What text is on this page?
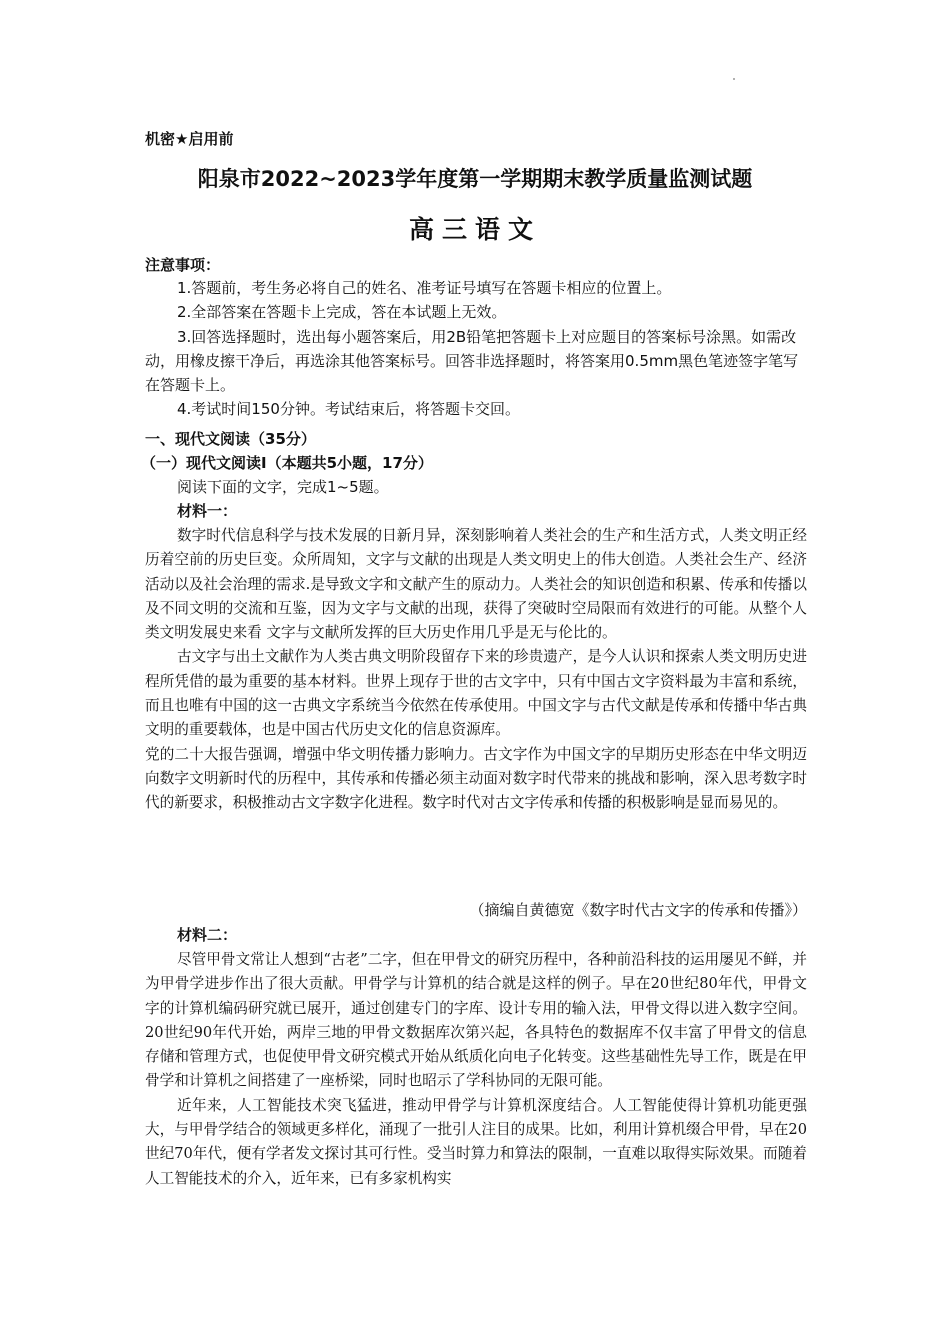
机密★启用前
阳泉市2022~2023学年度第一学期期末教学质量监测试题
高三语文
注意事项：

1.答题前，考生务必将自己的姓名、准考证号填写在答题卡相应的位置上。

2.全部答案在答题卡上完成，答在本试题上无效。

3.回答选择题时，选出每小题答案后，用2B铅笔把答题卡上对应题目的答案标号涂黑。如需改动，用橡皮擦干净后，再选涂其他答案标号。回答非选择题时，将答案用0.5mm黑色笔迹签字笔写在答题卡上。

4.考试时间150分钟。考试结束后，将答题卡交回。

一、现代文阅读（35分）
（一）现代文阅读Ⅰ（本题共5小题，17分）
阅读下面的文字，完成1~5题。
材料一：

数字时代信息科学与技术发展的日新月异，深刻影响着人类社会的生产和生活方式，人类文明正经历着空前的历史巨变。众所周知，文字与文献的出现是人类文明史上的伟大创造。人类社会生产、经济活动以及社会治理的需求.是导致文字和文献产生的原动力。人类社会的知识创造和积累、传承和传播以及不同文明的交流和互鉴，因为文字与文献的出现，获得了突破时空局限而有效进行的可能。从整个人类文明发展史来看 文字与文献所发挥的巨大历史作用几乎是无与伦比的。

古文字与出土文献作为人类古典文明阶段留存下来的珍贵遗产，是今人认识和探索人类文明历史进程所凭借的最为重要的基本材料。世界上现存于世的古文字中，只有中国古文字资料最为丰富和系统，而且也唯有中国的这一古典文字系统当今依然在传承使用。中国文字与古代文献是传承和传播中华古典文明的重要载体，也是中国古代历史文化的信息资源库。

党的二十大报告强调，增强中华文明传播力影响力。古文字作为中国文字的早期历史形态在中华文明迈向数字文明新时代的历程中，其传承和传播必须主动面对数字时代带来的挑战和影响，深入思考数字时代的新要求，积极推动古文字数字化进程。数字时代对古文字传承和传播的积极影响是显而易见的。

（摘编自黄德宽《数字时代古文字的传承和传播》）
材料二：

尽管甲骨文常让人想到“古老”二字，但在甲骨文的研究历程中，各种前沿科技的运用屡见不鲜，并为甲骨学进步作出了很大贡献。甲骨学与计算机的结合就是这样的例子。早在20世纪80年代，甲骨文字的计算机编码研究就已展开，通过创建专门的字库、设计专用的输入法，甲骨文得以进入数字空间。20世纪90年代开始，两岸三地的甲骨文数据库次第兴起，各具特色的数据库不仅丰富了甲骨文的信息存储和管理方式，也促使甲骨文研究模式开始从纸质化向电子化转变。这些基础性先导工作，既是在甲骨学和计算机之间搭建了一座桥梁，同时也昭示了学科协同的无限可能。

近年来，人工智能技术突飞猛进，推动甲骨学与计算机深度结合。人工智能使得计算机功能更强大，与甲骨学结合的领域更多样化，涌现了一批引人注目的成果。比如，利用计算机缀合甲骨，早在20世纪70年代，便有学者发文探讨其可行性。受当时算力和算法的限制，一直难以取得实际效果。而随着人工智能技术的介入，近年来，已有多家机构实
